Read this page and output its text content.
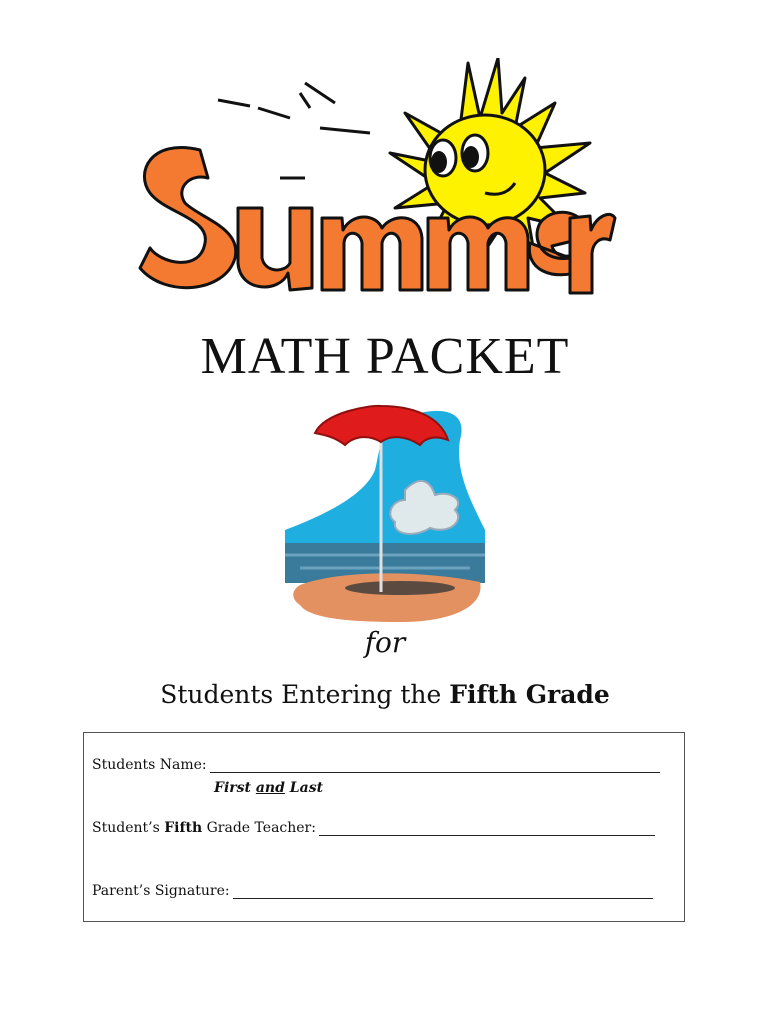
MATH PACKET
for
Students Entering the Fifth Grade
Students Name:
First and Last
Student’s Fifth Grade Teacher:
Parent’s Signature:
